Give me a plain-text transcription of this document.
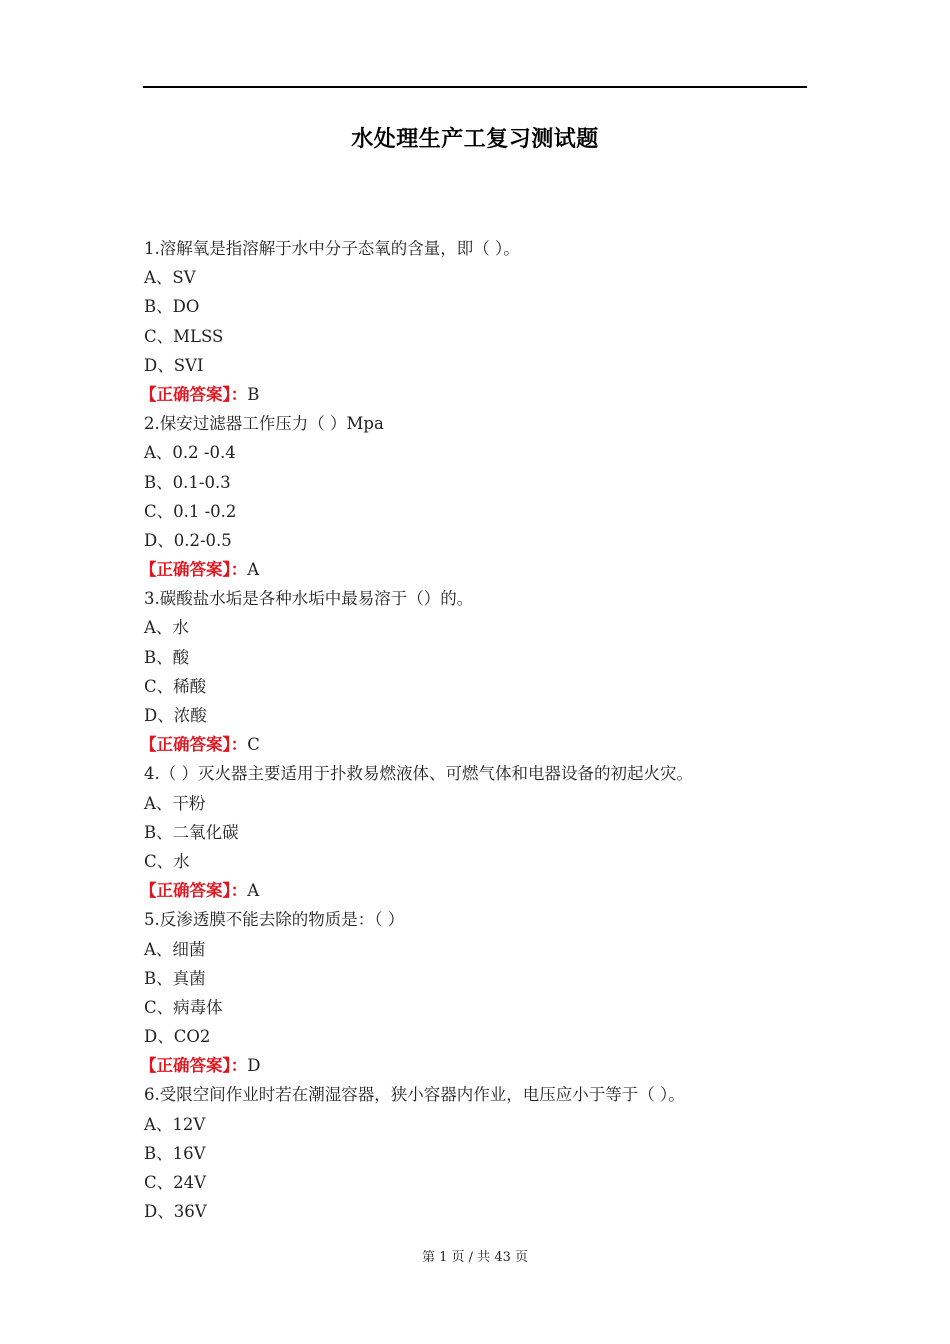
水处理生产工复习测试题
1.溶解氧是指溶解于水中分子态氧的含量，即（ ）。
A、SV
B、DO
C、MLSS
D、SVI
【正确答案】：B
2.保安过滤器工作压力（ ）Mpa
A、0.2 -0.4
B、0.1-0.3
C、0.1 -0.2
D、0.2-0.5
【正确答案】：A
3.碳酸盐水垢是各种水垢中最易溶于（）的。
A、水
B、酸
C、稀酸
D、浓酸
【正确答案】：C
4.（ ）灭火器主要适用于扑救易燃液体、可燃气体和电器设备的初起火灾。
A、干粉
B、二氧化碳
C、水
【正确答案】：A
5.反渗透膜不能去除的物质是：（ ）
A、细菌
B、真菌
C、病毒体
D、CO2
【正确答案】：D
6.受限空间作业时若在潮湿容器，狭小容器内作业，电压应小于等于（ ）。
A、12V
B、16V
C、24V
D、36V
第 1 页 / 共 43 页
